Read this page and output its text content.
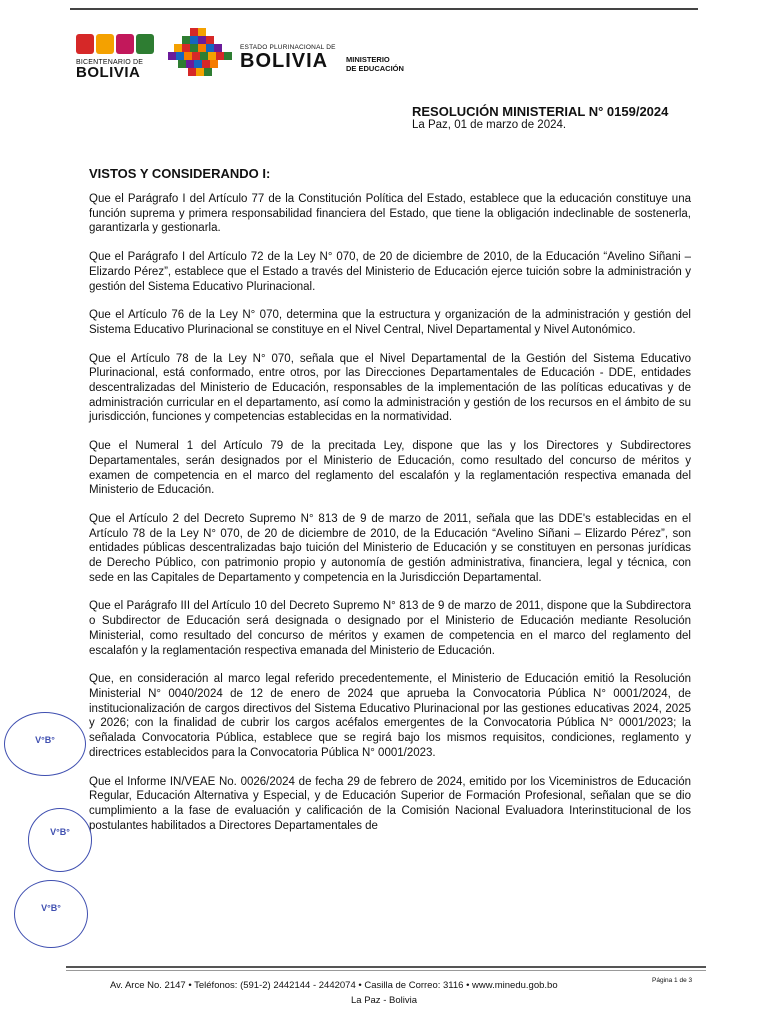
BICENTENARIO DE
BOLIVIA
ESTADO PLURINACIONAL DE
BOLIVIA	MINISTERIO
DE EDUCACIÓN
RESOLUCIÓN MINISTERIAL N° 0159/2024
La Paz, 01 de marzo de 2024.
VISTOS Y CONSIDERANDO I:

Que el Parágrafo I del Artículo 77 de la Constitución Política del Estado, establece que la educación constituye una función suprema y primera responsabilidad financiera del Estado, que tiene la obligación indeclinable de sostenerla, garantizarla y gestionarla.

Que el Parágrafo I del Artículo 72 de la Ley N° 070, de 20 de diciembre de 2010, de la Educación “Avelino Siñani – Elizardo Pérez”, establece que el Estado a través del Ministerio de Educación ejerce tuición sobre la administración y gestión del Sistema Educativo Plurinacional.

Que el Artículo 76 de la Ley N° 070, determina que la estructura y organización de la administración y gestión del Sistema Educativo Plurinacional se constituye en el Nivel Central, Nivel Departamental y Nivel Autonómico.

Que el Artículo 78 de la Ley N° 070, señala que el Nivel Departamental de la Gestión del Sistema Educativo Plurinacional, está conformado, entre otros, por las Direcciones Departamentales de Educación - DDE, entidades descentralizadas del Ministerio de Educación, responsables de la implementación de las políticas educativas y de administración curricular en el departamento, así como la administración y gestión de los recursos en el ámbito de su jurisdicción, funciones y competencias establecidas en la normatividad.

Que el Numeral 1 del Artículo 79 de la precitada Ley, dispone que las y los Directores y Subdirectores Departamentales, serán designados por el Ministerio de Educación, como resultado del concurso de méritos y examen de competencia en el marco del reglamento del escalafón y la reglamentación respectiva emanada del Ministerio de Educación.

Que el Artículo 2 del Decreto Supremo N° 813 de 9 de marzo de 2011, señala que las DDE's establecidas en el Artículo 78 de la Ley N° 070, de 20 de diciembre de 2010, de la Educación “Avelino Siñani – Elizardo Pérez”, son entidades públicas descentralizadas bajo tuición del Ministerio de Educación y se constituyen en personas jurídicas de Derecho Público, con patrimonio propio y autonomía de gestión administrativa, financiera, legal y técnica, con sede en las Capitales de Departamento y competencia en la Jurisdicción Departamental.

Que el Parágrafo III del Artículo 10 del Decreto Supremo N° 813 de 9 de marzo de 2011, dispone que la Subdirectora o Subdirector de Educación será designada o designado por el Ministerio de Educación mediante Resolución Ministerial, como resultado del concurso de méritos y examen de competencia en el marco del reglamento del escalafón y la reglamentación respectiva emanada del Ministerio de Educación.

Que, en consideración al marco legal referido precedentemente, el Ministerio de Educación emitió la Resolución Ministerial N° 0040/2024 de 12 de enero de 2024 que aprueba la Convocatoria Pública N° 0001/2024, de institucionalización de cargos directivos del Sistema Educativo Plurinacional por las gestiones educativas 2024, 2025 y 2026; con la finalidad de cubrir los cargos acéfalos emergentes de la Convocatoria Pública N° 0001/2023; la señalada Convocatoria Pública, establece que se regirá bajo los mismos requisitos, condiciones, reglamento y directrices establecidos para la Convocatoria Pública N° 0001/2023.

Que el Informe IN/VEAE No. 0026/2024 de fecha 29 de febrero de 2024, emitido por los Viceministros de Educación Regular, Educación Alternativa y Especial, y de Educación Superior de Formación Profesional, señalan que se dio cumplimiento a la fase de evaluación y calificación de la Comisión Nacional Evaluadora Interinstitucional de los postulantes habilitados a Directores Departamentales de

V°B°
V°B°
V°B°
Av. Arce No. 2147 • Teléfonos: (591-2) 2442144 - 2442074 • Casilla de Correo: 3116 • www.minedu.gob.bo	Página 1 de 3
La Paz - Bolivia
